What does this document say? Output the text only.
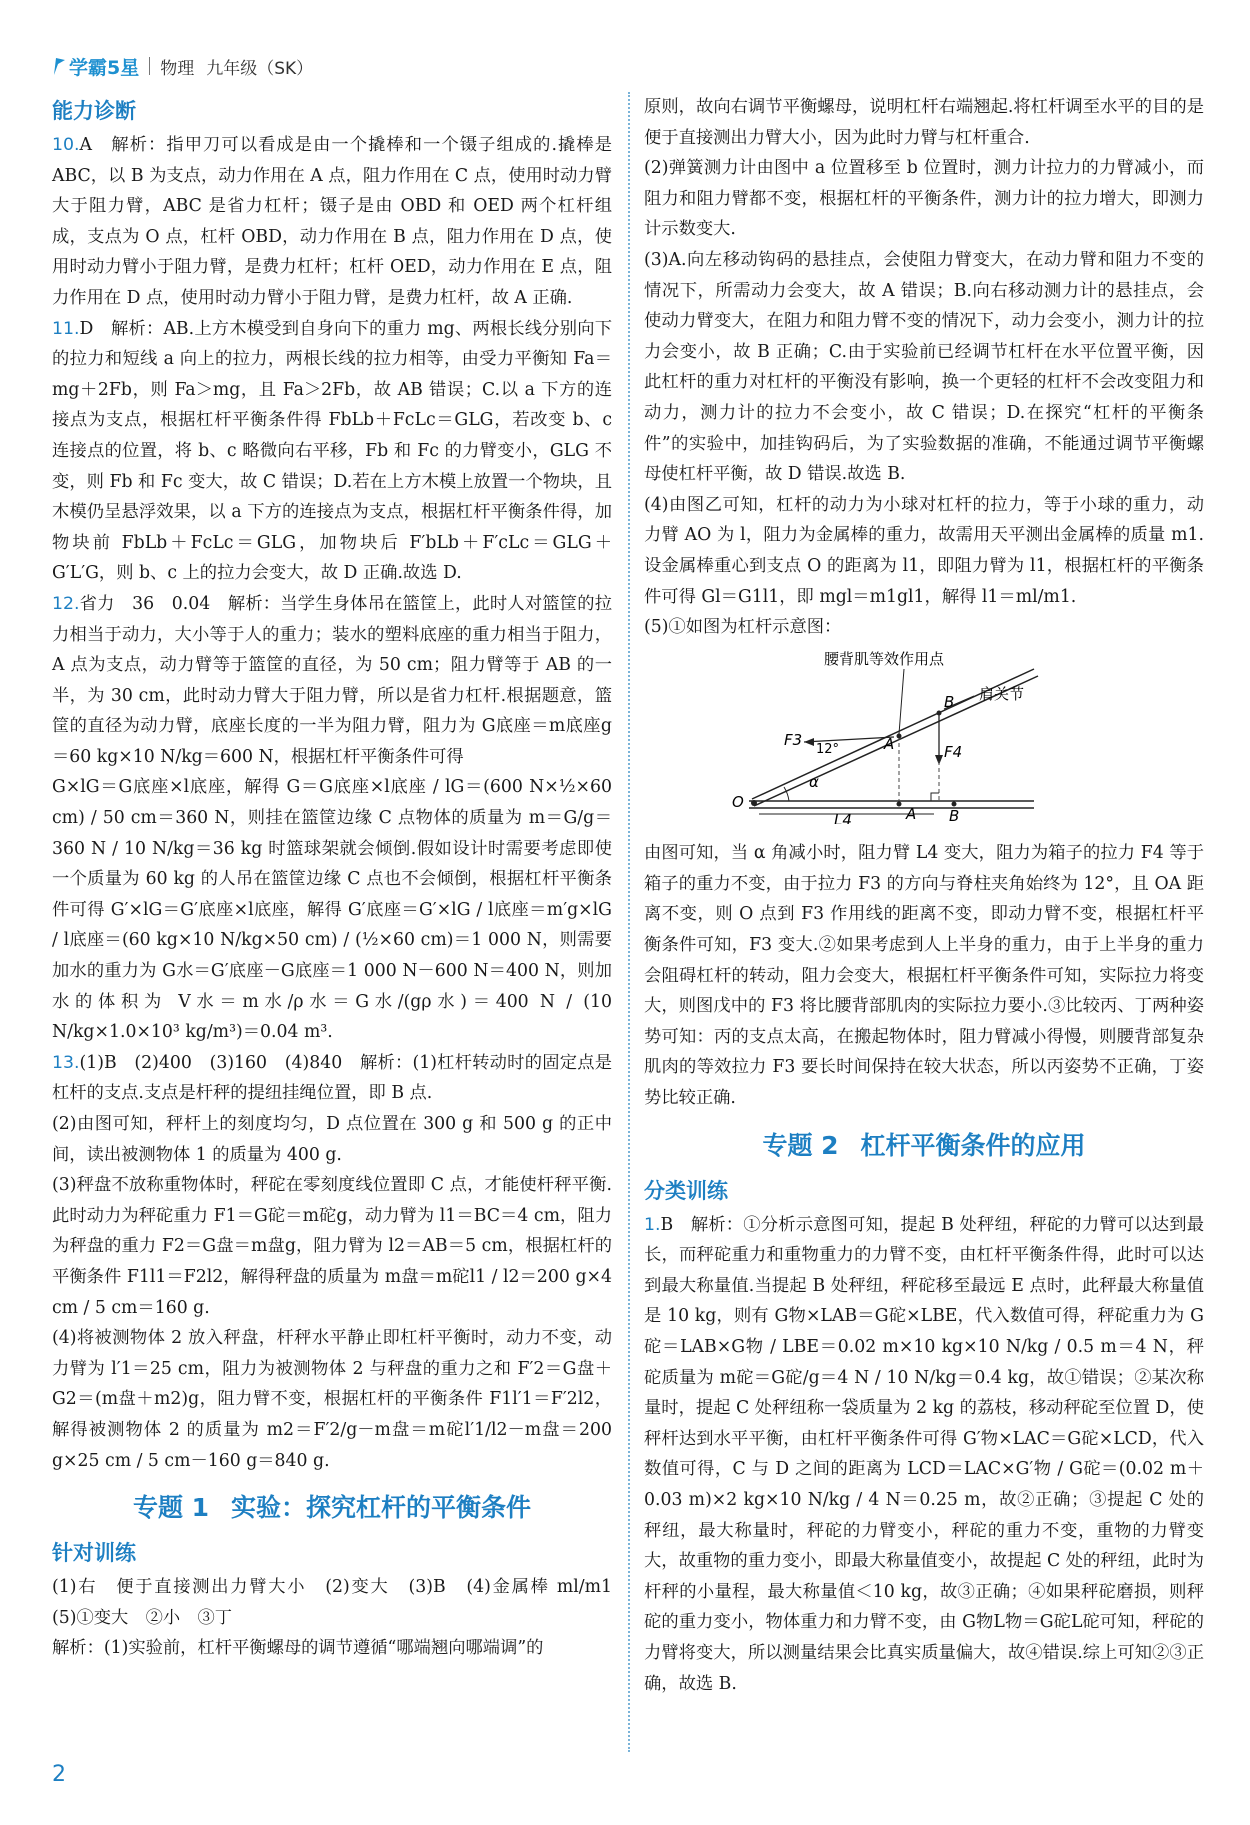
学霸5星 物理 九年级（SK）
能力诊断

10.A　解析：指甲刀可以看成是由一个撬棒和一个镊子组成的.撬棒是 ABC，以 B 为支点，动力作用在 A 点，阻力作用在 C 点，使用时动力臂大于阻力臂，ABC 是省力杠杆；镊子是由 OBD 和 OED 两个杠杆组成，支点为 O 点，杠杆 OBD，动力作用在 B 点，阻力作用在 D 点，使用时动力臂小于阻力臂，是费力杠杆；杠杆 OED，动力作用在 E 点，阻力作用在 D 点，使用时动力臂小于阻力臂，是费力杠杆，故 A 正确.

11.D　解析：AB.上方木模受到自身向下的重力 mg、两根长线分别向下的拉力和短线 a 向上的拉力，两根长线的拉力相等，由受力平衡知 Fa＝mg＋2Fb，则 Fa＞mg，且 Fa＞2Fb，故 AB 错误；C.以 a 下方的连接点为支点，根据杠杆平衡条件得 FbLb＋FcLc＝GLG，若改变 b、c 连接点的位置，将 b、c 略微向右平移，Fb 和 Fc 的力臂变小，GLG 不变，则 Fb 和 Fc 变大，故 C 错误；D.若在上方木模上放置一个物块，且木模仍呈悬浮效果，以 a 下方的连接点为支点，根据杠杆平衡条件得，加物块前 FbLb＋FcLc＝GLG，加物块后 F′bLb＋F′cLc＝GLG＋G′L′G，则 b、c 上的拉力会变大，故 D 正确.故选 D.

12.省力　36　0.04　解析：当学生身体吊在篮筐上，此时人对篮筐的拉力相当于动力，大小等于人的重力；装水的塑料底座的重力相当于阻力，A 点为支点，动力臂等于篮筐的直径，为 50 cm；阻力臂等于 AB 的一半，为 30 cm，此时动力臂大于阻力臂，所以是省力杠杆.根据题意，篮筐的直径为动力臂，底座长度的一半为阻力臂，阻力为 G底座＝m底座g＝60 kg×10 N/kg＝600 N，根据杠杆平衡条件可得

G×lG＝G底座×l底座，解得 G＝G底座×l底座 / lG＝(600 N×½×60 cm) / 50 cm＝360 N，则挂在篮筐边缘 C 点物体的质量为 m＝G/g＝360 N / 10 N/kg＝36 kg 时篮球架就会倾倒.假如设计时需要考虑即使一个质量为 60 kg 的人吊在篮筐边缘 C 点也不会倾倒，根据杠杆平衡条件可得 G′×lG＝G′底座×l底座，解得 G′底座＝G′×lG / l底座＝m′g×lG / l底座＝(60 kg×10 N/kg×50 cm) / (½×60 cm)＝1 000 N，则需要加水的重力为 G水＝G′底座－G底座＝1 000 N－600 N＝400 N，则加水的体积为 V水＝m水/ρ水＝G水/(gρ水)＝400 N / (10 N/kg×1.0×10³ kg/m³)＝0.04 m³.

13.(1)B　(2)400　(3)160　(4)840　解析：(1)杠杆转动时的固定点是杠杆的支点.支点是杆秤的提纽挂绳位置，即 B 点.

(2)由图可知，秤杆上的刻度均匀，D 点位置在 300 g 和 500 g 的正中间，读出被测物体 1 的质量为 400 g.

(3)秤盘不放称重物体时，秤砣在零刻度线位置即 C 点，才能使杆秤平衡.此时动力为秤砣重力 F1＝G砣＝m砣g，动力臂为 l1＝BC＝4 cm，阻力为秤盘的重力 F2＝G盘＝m盘g，阻力臂为 l2＝AB＝5 cm，根据杠杆的平衡条件 F1l1＝F2l2，解得秤盘的质量为 m盘＝m砣l1 / l2＝200 g×4 cm / 5 cm＝160 g.

(4)将被测物体 2 放入秤盘，杆秤水平静止即杠杆平衡时，动力不变，动力臂为 l′1＝25 cm，阻力为被测物体 2 与秤盘的重力之和 F′2＝G盘＋G2＝(m盘＋m2)g，阻力臂不变，根据杠杆的平衡条件 F1l′1＝F′2l2，解得被测物体 2 的质量为 m2＝F′2/g－m盘＝m砣l′1/l2－m盘＝200 g×25 cm / 5 cm－160 g＝840 g.

专题 1 实验：探究杠杆的平衡条件
针对训练

(1)右　便于直接测出力臂大小　(2)变大　(3)B　(4)金属棒 ml/m1　(5)①变大　②小　③丁

解析：(1)实验前，杠杆平衡螺母的调节遵循“哪端翘向哪端调”的

原则，故向右调节平衡螺母，说明杠杆右端翘起.将杠杆调至水平的目的是便于直接测出力臂大小，因为此时力臂与杠杆重合.

(2)弹簧测力计由图中 a 位置移至 b 位置时，测力计拉力的力臂减小，而阻力和阻力臂都不变，根据杠杆的平衡条件，测力计的拉力增大，即测力计示数变大.

(3)A.向左移动钩码的悬挂点，会使阻力臂变大，在动力臂和阻力不变的情况下，所需动力会变大，故 A 错误；B.向右移动测力计的悬挂点，会使动力臂变大，在阻力和阻力臂不变的情况下，动力会变小，测力计的拉力会变小，故 B 正确；C.由于实验前已经调节杠杆在水平位置平衡，因此杠杆的重力对杠杆的平衡没有影响，换一个更轻的杠杆不会改变阻力和动力，测力计的拉力不会变小，故 C 错误；D.在探究“杠杆的平衡条件”的实验中，加挂钩码后，为了实验数据的准确，不能通过调节平衡螺母使杠杆平衡，故 D 错误.故选 B.

(4)由图乙可知，杠杆的动力为小球对杠杆的拉力，等于小球的重力，动力臂 AO 为 l，阻力为金属棒的重力，故需用天平测出金属棒的质量 m1.设金属棒重心到支点 O 的距离为 l1，即阻力臂为 l1，根据杠杆的平衡条件可得 Gl＝G1l1，即 mgl＝m1gl1，解得 l1＝ml/m1.

(5)①如图为杠杆示意图：

腰背肌等效作用点
肩关节
F3
12°	A
B
F4
α
O
L4	A B

由图可知，当 α 角减小时，阻力臂 L4 变大，阻力为箱子的拉力 F4 等于箱子的重力不变，由于拉力 F3 的方向与脊柱夹角始终为 12°，且 OA 距离不变，则 O 点到 F3 作用线的距离不变，即动力臂不变，根据杠杆平衡条件可知，F3 变大.②如果考虑到人上半身的重力，由于上半身的重力会阻碍杠杆的转动，阻力会变大，根据杠杆平衡条件可知，实际拉力将变大，则图戊中的 F3 将比腰背部肌肉的实际拉力要小.③比较丙、丁两种姿势可知：丙的支点太高，在搬起物体时，阻力臂减小得慢，则腰背部复杂肌肉的等效拉力 F3 要长时间保持在较大状态，所以丙姿势不正确，丁姿势比较正确.

专题 2 杠杆平衡条件的应用
分类训练

1.B　解析：①分析示意图可知，提起 B 处秤纽，秤砣的力臂可以达到最长，而秤砣重力和重物重力的力臂不变，由杠杆平衡条件得，此时可以达到最大称量值.当提起 B 处秤纽，秤砣移至最远 E 点时，此秤最大称量值是 10 kg，则有 G物×LAB＝G砣×LBE，代入数值可得，秤砣重力为 G砣＝LAB×G物 / LBE＝0.02 m×10 kg×10 N/kg / 0.5 m＝4 N，秤砣质量为 m砣＝G砣/g＝4 N / 10 N/kg＝0.4 kg，故①错误；②某次称量时，提起 C 处秤纽称一袋质量为 2 kg 的荔枝，移动秤砣至位置 D，使秤杆达到水平平衡，由杠杆平衡条件可得 G′物×LAC＝G砣×LCD，代入数值可得，C 与 D 之间的距离为 LCD＝LAC×G′物 / G砣＝(0.02 m＋0.03 m)×2 kg×10 N/kg / 4 N＝0.25 m，故②正确；③提起 C 处的秤纽，最大称量时，秤砣的力臂变小，秤砣的重力不变，重物的力臂变大，故重物的重力变小，即最大称量值变小，故提起 C 处的秤纽，此时为杆秤的小量程，最大称量值＜10 kg，故③正确；④如果秤砣磨损，则秤砣的重力变小，物体重力和力臂不变，由 G物L物＝G砣L砣可知，秤砣的力臂将变大，所以测量结果会比真实质量偏大，故④错误.综上可知②③正确，故选 B.

2
